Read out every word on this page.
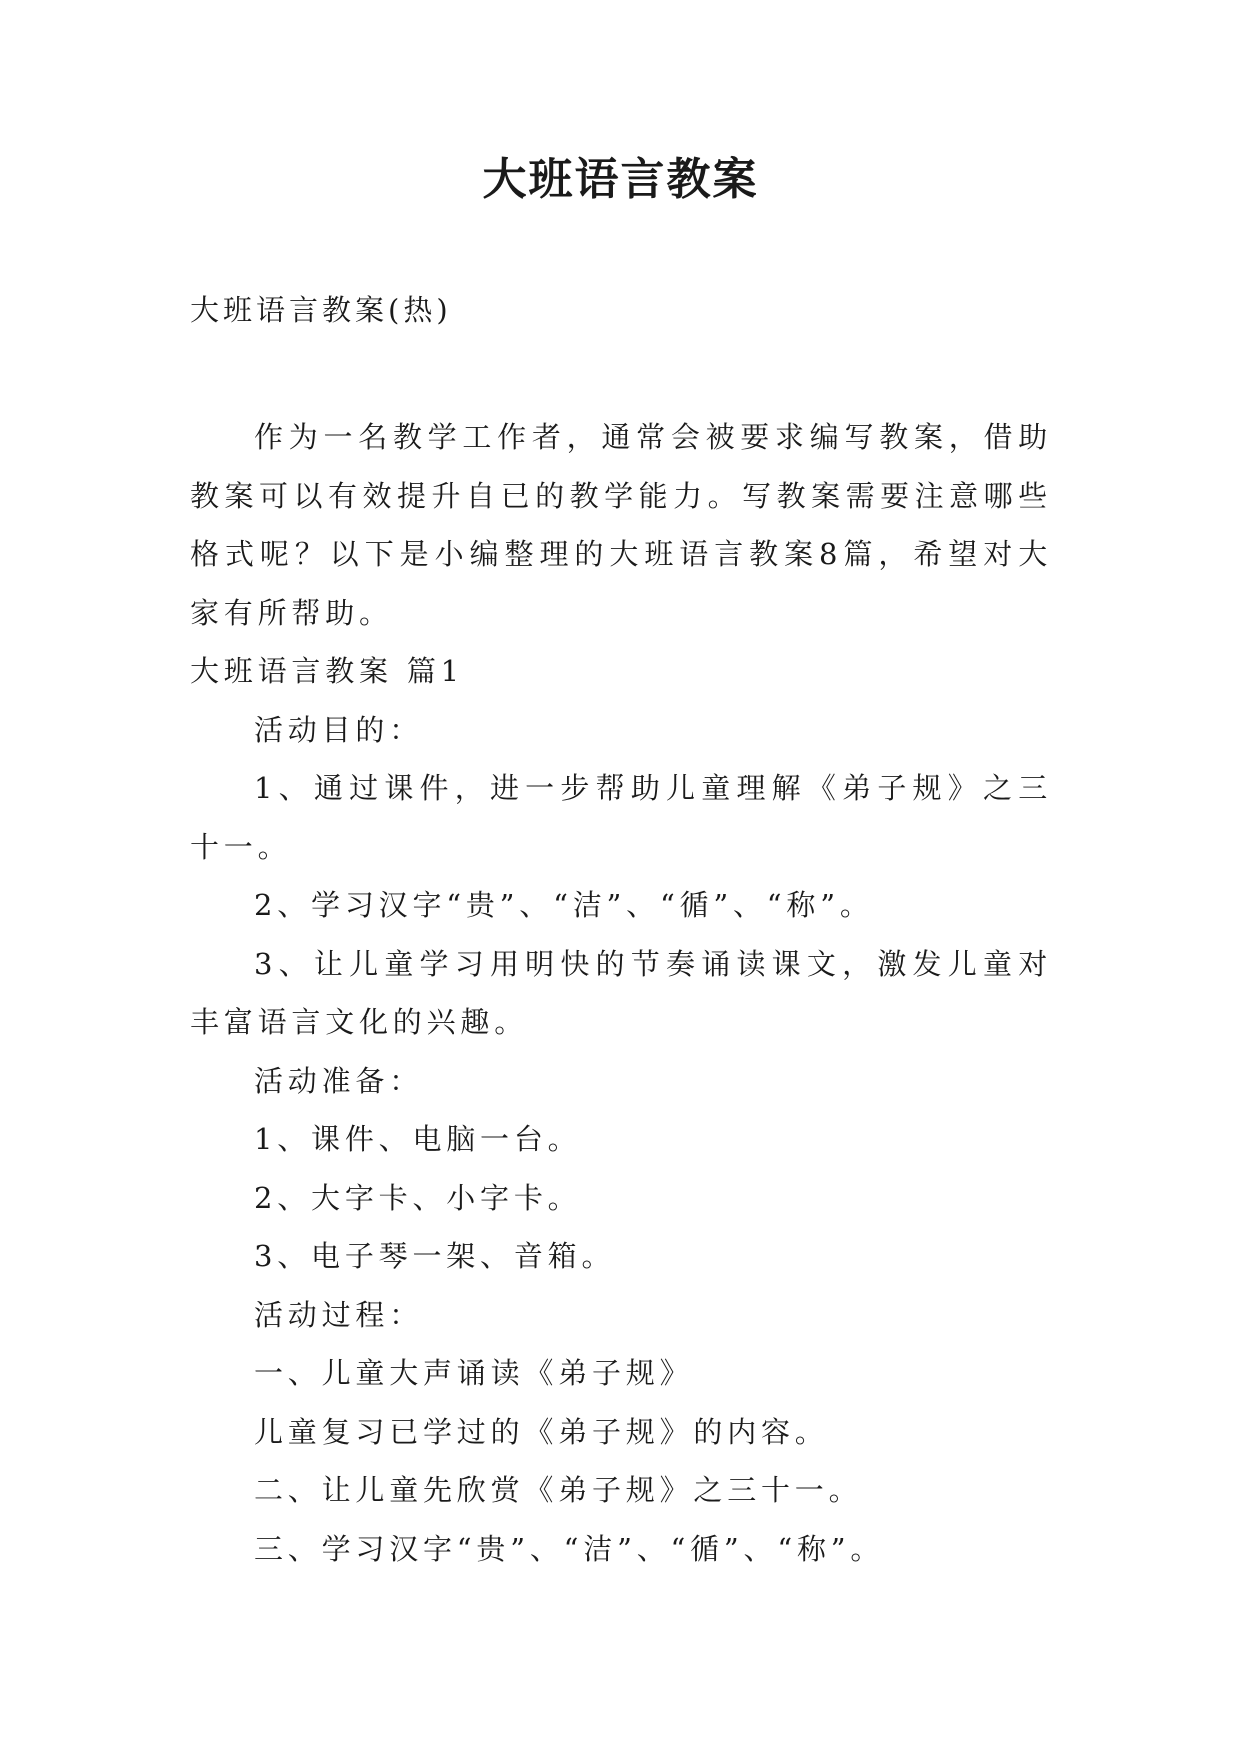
大班语言教案

大班语言教案(热)

作为一名教学工作者，通常会被要求编写教案，借助教案可以有效提升自已的教学能力。写教案需要注意哪些格式呢？以下是小编整理的大班语言教案8篇，希望对大家有所帮助。

大班语言教案 篇1

活动目的：

1、通过课件，进一步帮助儿童理解《弟子规》之三十一。

2、学习汉字“贵”、“洁”、“循”、“称”。

3、让儿童学习用明快的节奏诵读课文，激发儿童对丰富语言文化的兴趣。

活动准备：

1、课件、电脑一台。

2、大字卡、小字卡。

3、电子琴一架、音箱。

活动过程：

一、儿童大声诵读《弟子规》

儿童复习已学过的《弟子规》的内容。

二、让儿童先欣赏《弟子规》之三十一。

三、学习汉字“贵”、“洁”、“循”、“称”。
